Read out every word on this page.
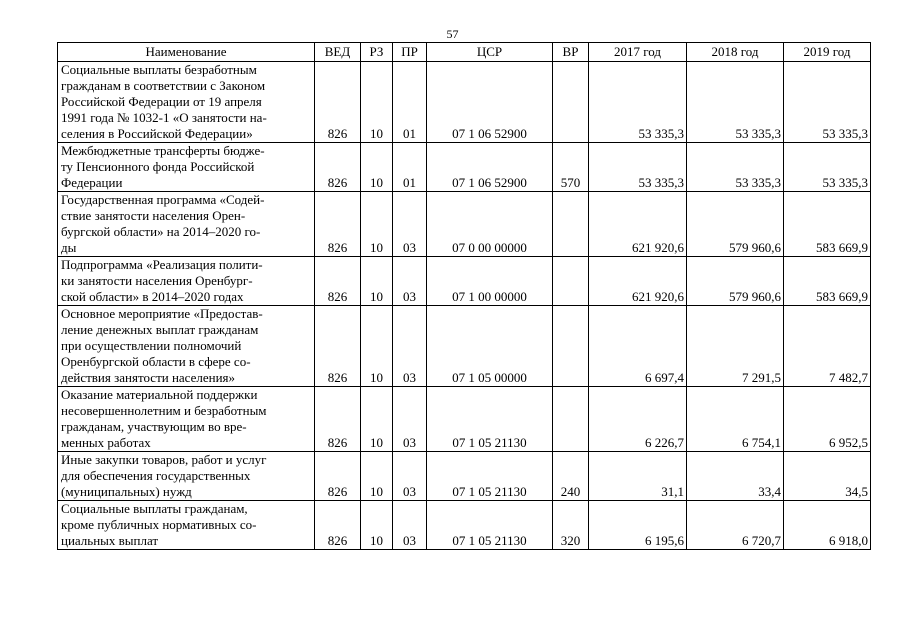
57
Наименование	ВЕД	РЗ	ПР	ЦСР	ВР	2017 год	2018 год	2019 год

Социальные выплаты безработным
гражданам в соответствии с Законом
Российской Федерации от 19 апреля
1991 года № 1032-1 «О занятости на-
селения в Российской Федерации»	826	10	01	07 1 06 52900		53 335,3	53 335,3	53 335,3

Межбюджетные трансферты бюдже-
ту Пенсионного фонда Российской
Федерации	826	10	01	07 1 06 52900	570	53 335,3	53 335,3	53 335,3

Государственная программа «Содей-
ствие занятости населения Орен-
бургской области» на 2014–2020 го-
ды	826	10	03	07 0 00 00000		621 920,6	579 960,6	583 669,9

Подпрограмма «Реализация полити-
ки занятости населения Оренбург-
ской области» в 2014–2020 годах	826	10	03	07 1 00 00000		621 920,6	579 960,6	583 669,9

Основное мероприятие «Предостав-
ление денежных выплат гражданам
при осуществлении полномочий
Оренбургской области в сфере со-
действия занятости населения»	826	10	03	07 1 05 00000		6 697,4	7 291,5	7 482,7

Оказание материальной поддержки
несовершеннолетним и безработным
гражданам, участвующим во вре-
менных работах	826	10	03	07 1 05 21130		6 226,7	6 754,1	6 952,5

Иные закупки товаров, работ и услуг
для обеспечения государственных
(муниципальных) нужд	826	10	03	07 1 05 21130	240	31,1	33,4	34,5

Социальные выплаты гражданам,
кроме публичных нормативных со-
циальных выплат	826	10	03	07 1 05 21130	320	6 195,6	6 720,7	6 918,0
